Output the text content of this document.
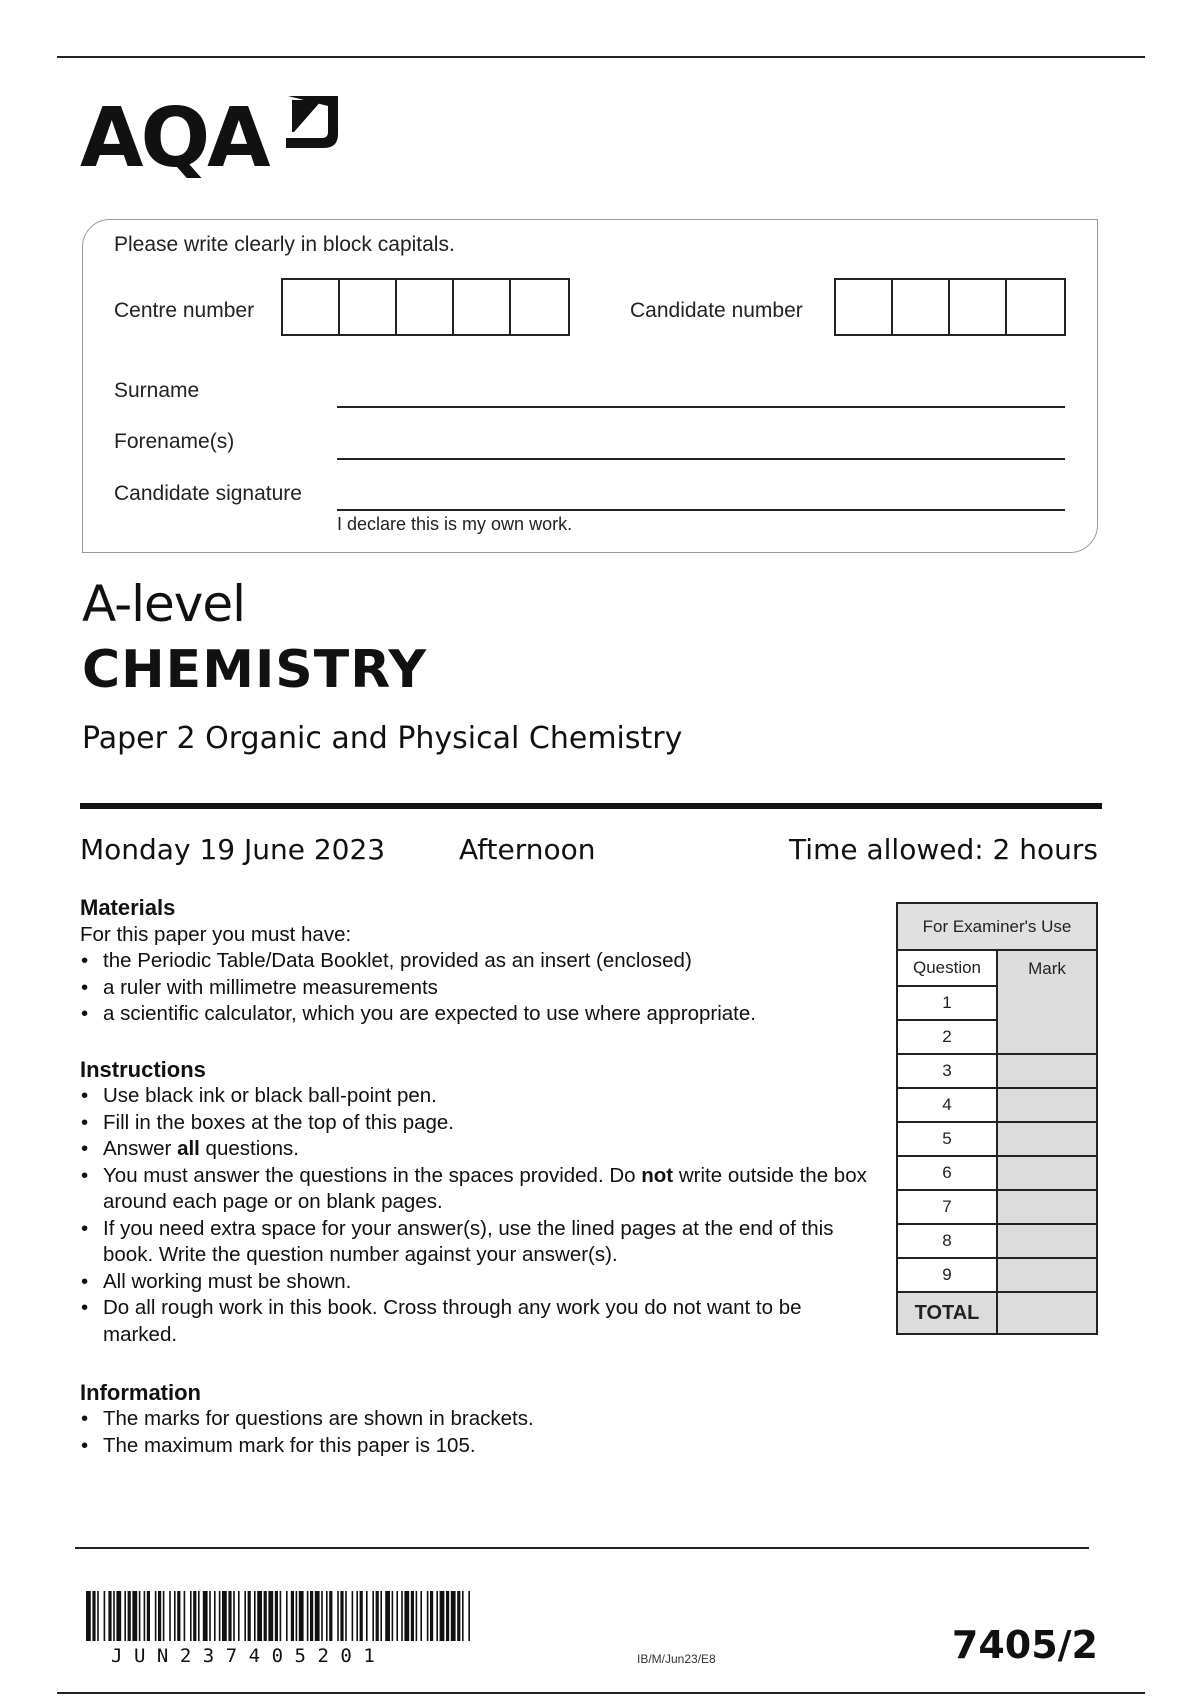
AQA
Please write clearly in block capitals.
Centre number	Candidate number
Surname
Forename(s)
Candidate signature
I declare this is my own work.
A-level
CHEMISTRY
Paper 2 Organic and Physical Chemistry
Monday 19 June 2023	Afternoon	Time allowed: 2 hours
Materials

For this paper you must have:

• the Periodic Table/Data Booklet, provided as an insert (enclosed)
• a ruler with millimetre measurements
• a scientific calculator, which you are expected to use where appropriate.
Instructions
• Use black ink or black ball-point pen.
• Fill in the boxes at the top of this page.
• Answer all questions.
• You must answer the questions in the spaces provided. Do not write outside the box around each page or on blank pages.
• If you need extra space for your answer(s), use the lined pages at the end of this book. Write the question number against your answer(s).
• All working must be shown.
• Do all rough work in this book. Cross through any work you do not want to be marked.
Information
• The marks for questions are shown in brackets.
• The maximum mark for this paper is 105.
For Examiner's Use	
Question	Mark
1	
2	
3	
4	
5	
6	
7	
8	
9	
TOTAL	
JUN237405201	IB/M/Jun23/E8	7405/2
